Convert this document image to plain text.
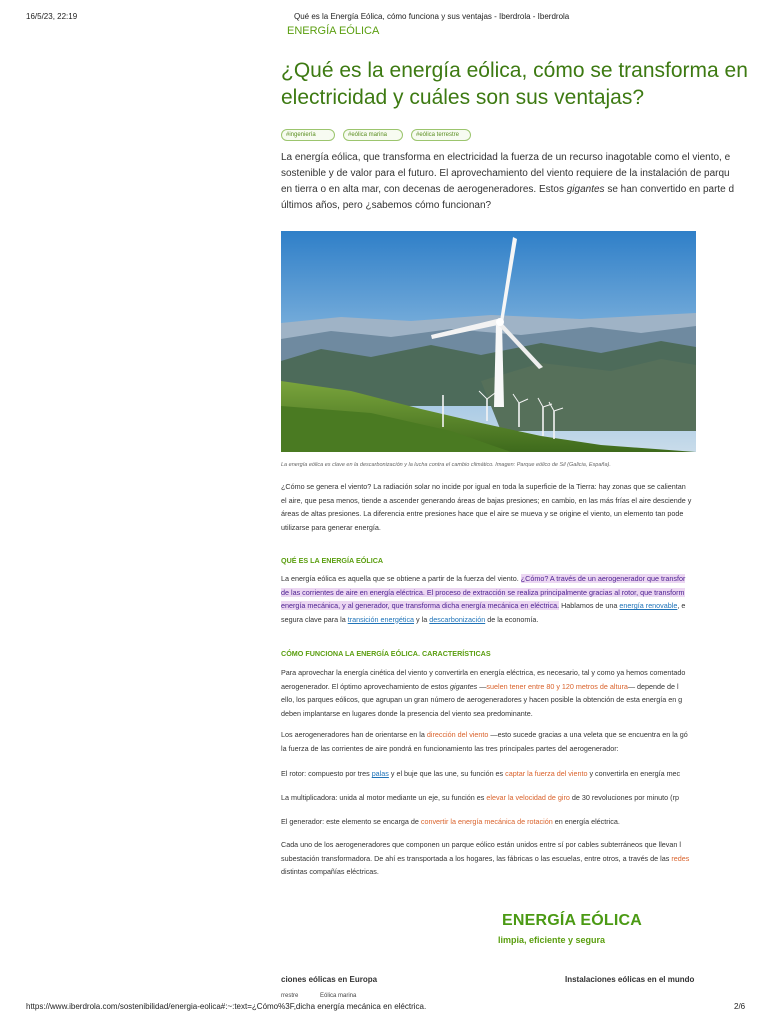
16/5/23, 22:19	Qué es la Energía Eólica, cómo funciona y sus ventajas - Iberdrola - Iberdrola
https://www.iberdrola.com/sostenibilidad/energia-eolica#:~:text=¿Cómo%3F,dicha energía mecánica en eléctrica.	2/6
ENERGÍA EÓLICA
¿Qué es la energía eólica, cómo se transforma en electricidad y cuáles son sus ventajas?
#ingeniería	#eólica marina	#eólica terrestre

La energía eólica, que transforma en electricidad la fuerza de un recurso inagotable como el viento, e

sostenible y de valor para el futuro. El aprovechamiento del viento requiere de la instalación de parqu

en tierra o en alta mar, con decenas de aerogeneradores. Estos gigantes se han convertido en parte d

últimos años, pero ¿sabemos cómo funcionan?

La energía eólica es clave en la descarbonización y la lucha contra el cambio climático. Imagen: Parque eólico de Sil (Galicia, España).

¿Cómo se genera el viento? La radiación solar no incide por igual en toda la superficie de la Tierra: hay zonas que se calientan

el aire, que pesa menos, tiende a ascender generando áreas de bajas presiones; en cambio, en las más frías el aire desciende y

áreas de altas presiones. La diferencia entre presiones hace que el aire se mueva y se origine el viento, un elemento tan pode

utilizarse para generar energía.

QUÉ ES LA ENERGÍA EÓLICA

La energía eólica es aquella que se obtiene a partir de la fuerza del viento. ¿Cómo? A través de un aerogenerador que transfor

de las corrientes de aire en energía eléctrica. El proceso de extracción se realiza principalmente gracias al rotor, que transform

energía mecánica, y al generador, que transforma dicha energía mecánica en eléctrica. Hablamos de una energía renovable, e

segura clave para la transición energética y la descarbonización de la economía.

CÓMO FUNCIONA LA ENERGÍA EÓLICA. CARACTERÍSTICAS

Para aprovechar la energía cinética del viento y convertirla en energía eléctrica, es necesario, tal y como ya hemos comentado

aerogenerador. El óptimo aprovechamiento de estos gigantes —suelen tener entre 80 y 120 metros de altura— depende de l

ello, los parques eólicos, que agrupan un gran número de aerogeneradores y hacen posible la obtención de esta energía en g

deben implantarse en lugares donde la presencia del viento sea predominante.

Los aerogeneradores han de orientarse en la dirección del viento —esto sucede gracias a una veleta que se encuentra en la gó

la fuerza de las corrientes de aire pondrá en funcionamiento las tres principales partes del aerogenerador:

El rotor: compuesto por tres palas y el buje que las une, su función es captar la fuerza del viento y convertirla en energía mec

La multiplicadora: unida al motor mediante un eje, su función es elevar la velocidad de giro de 30 revoluciones por minuto (rp

El generador: este elemento se encarga de convertir la energía mecánica de rotación en energía eléctrica.

Cada uno de los aerogeneradores que componen un parque eólico están unidos entre sí por cables subterráneos que llevan l

subestación transformadora. De ahí es transportada a los hogares, las fábricas o las escuelas, entre otros, a través de las redes

distintas compañías eléctricas.

ENERGÍA EÓLICA
limpia, eficiente y segura
ciones eólicas en Europa	Instalaciones eólicas en el mundo
rrestre	Eólica marina
